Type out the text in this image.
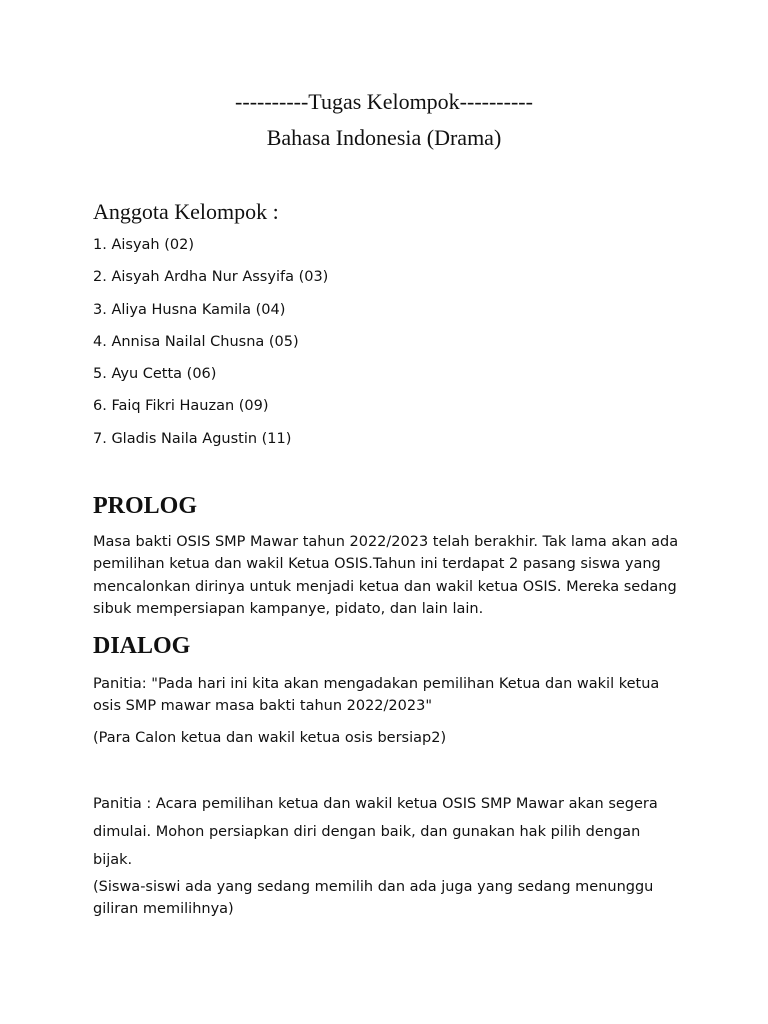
----------Tugas Kelompok----------
Bahasa Indonesia (Drama)
Anggota Kelompok :
1. Aisyah (02)
2. Aisyah Ardha Nur Assyifa (03)
3. Aliya Husna Kamila (04)
4. Annisa Nailal Chusna (05)
5. Ayu Cetta (06)
6. Faiq Fikri Hauzan (09)
7. Gladis Naila Agustin (11)
PROLOG

Masa bakti OSIS SMP Mawar tahun 2022/2023 telah berakhir. Tak lama akan ada pemilihan ketua dan wakil Ketua OSIS.Tahun ini terdapat 2 pasang siswa yang mencalonkan dirinya untuk menjadi ketua dan wakil ketua OSIS. Mereka sedang sibuk mempersiapan kampanye, pidato, dan lain lain.

DIALOG

Panitia: "Pada hari ini kita akan mengadakan pemilihan Ketua dan wakil ketua osis SMP mawar masa bakti tahun 2022/2023"

(Para Calon ketua dan wakil ketua osis bersiap2)

Panitia : Acara pemilihan ketua dan wakil ketua OSIS SMP Mawar akan segera dimulai. Mohon persiapkan diri dengan baik, dan gunakan hak pilih dengan bijak.

(Siswa-siswi ada yang sedang memilih dan ada juga yang sedang menunggu giliran memilihnya)
